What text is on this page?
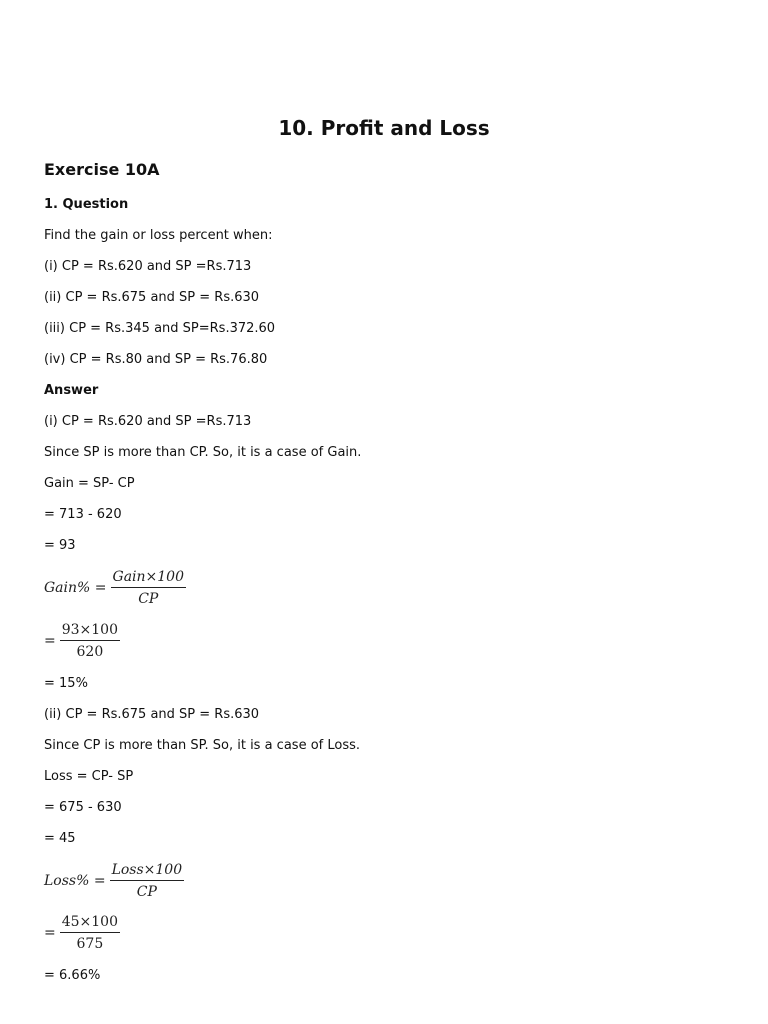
10. Profit and Loss
Exercise 10A

1. Question

Find the gain or loss percent when:

(i) CP = Rs.620 and SP =Rs.713

(ii) CP = Rs.675 and SP = Rs.630

(iii) CP = Rs.345 and SP=Rs.372.60

(iv) CP = Rs.80 and SP = Rs.76.80

Answer

(i) CP = Rs.620 and SP =Rs.713

Since SP is more than CP. So, it is a case of Gain.

Gain = SP- CP

= 713 - 620

= 93

Gain% = $\frac{\text{Gain×100}}{CP}$
= $\frac{93\times 100}{620}$

= 15%

(ii) CP = Rs.675 and SP = Rs.630

Since CP is more than SP. So, it is a case of Loss.

Loss = CP- SP

= 675 - 630

= 45

Loss% = $\frac{\text{Loss×100}}{CP}$
= $\frac{45\times 100}{675}$

= 6.66%
